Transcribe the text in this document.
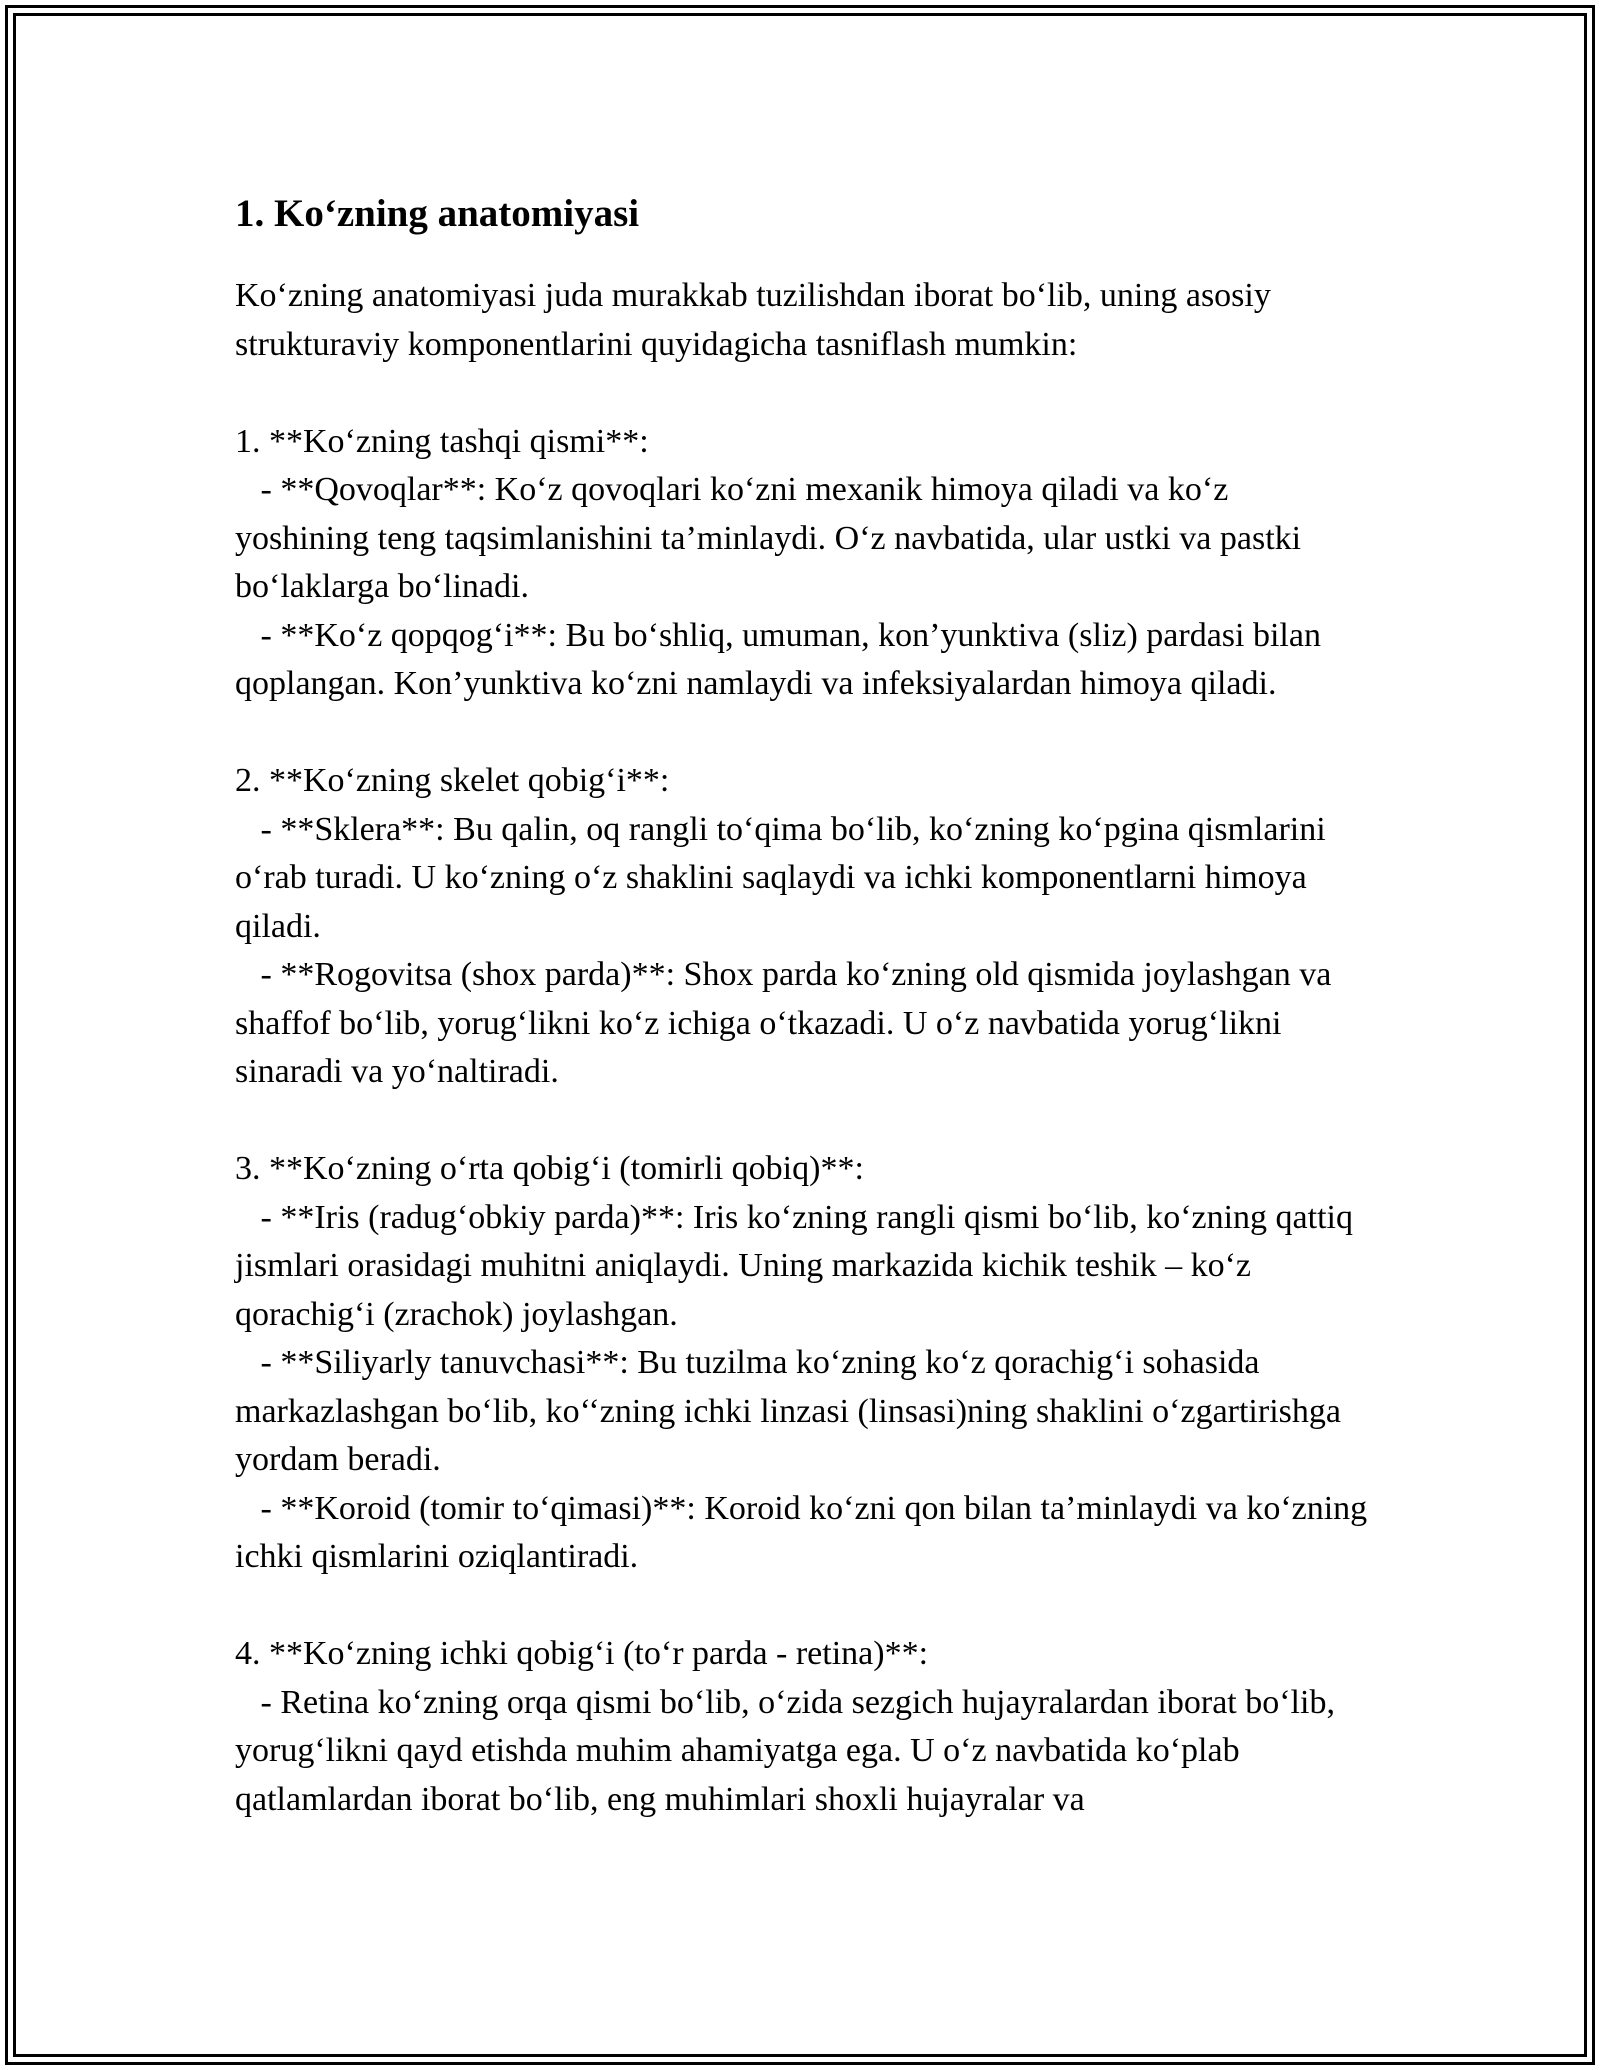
1. Ko‘zning anatomiyasi

Ko‘zning anatomiyasi juda murakkab tuzilishdan iborat bo‘lib, uning asosiy strukturaviy komponentlarini quyidagicha tasniflash mumkin:

1. **Ko‘zning tashqi qismi**:

- **Qovoqlar**: Ko‘z qovoqlari ko‘zni mexanik himoya qiladi va ko‘z yoshining teng taqsimlanishini ta’minlaydi. O‘z navbatida, ular ustki va pastki bo‘laklarga bo‘linadi.

- **Ko‘z qopqog‘i**: Bu bo‘shliq, umuman, kon’yunktiva (sliz) pardasi bilan qoplangan. Kon’yunktiva ko‘zni namlaydi va infeksiyalardan himoya qiladi.

2. **Ko‘zning skelet qobig‘i**:

- **Sklera**: Bu qalin, oq rangli to‘qima bo‘lib, ko‘zning ko‘pgina qismlarini o‘rab turadi. U ko‘zning o‘z shaklini saqlaydi va ichki komponentlarni himoya qiladi.

- **Rogovitsa (shox parda)**: Shox parda ko‘zning old qismida joylashgan va shaffof bo‘lib, yorug‘likni ko‘z ichiga o‘tkazadi. U o‘z navbatida yorug‘likni sinaradi va yo‘naltiradi.

3. **Ko‘zning o‘rta qobig‘i (tomirli qobiq)**:

- **Iris (radug‘obkiy parda)**: Iris ko‘zning rangli qismi bo‘lib, ko‘zning qattiq jismlari orasidagi muhitni aniqlaydi. Uning markazida kichik teshik – ko‘z qorachig‘i (zrachok) joylashgan.

- **Siliyarly tanuvchasi**: Bu tuzilma ko‘zning ko‘z qorachig‘i sohasida markazlashgan bo‘lib, ko‘‘zning ichki linzasi (linsasi)ning shaklini o‘zgartirishga yordam beradi.

- **Koroid (tomir to‘qimasi)**: Koroid ko‘zni qon bilan ta’minlaydi va ko‘zning ichki qismlarini oziqlantiradi.

4. **Ko‘zning ichki qobig‘i (to‘r parda - retina)**:

- Retina ko‘zning orqa qismi bo‘lib, o‘zida sezgich hujayralardan iborat bo‘lib, yorug‘likni qayd etishda muhim ahamiyatga ega. U o‘z navbatida ko‘plab qatlamlardan iborat bo‘lib, eng muhimlari shoxli hujayralar va
